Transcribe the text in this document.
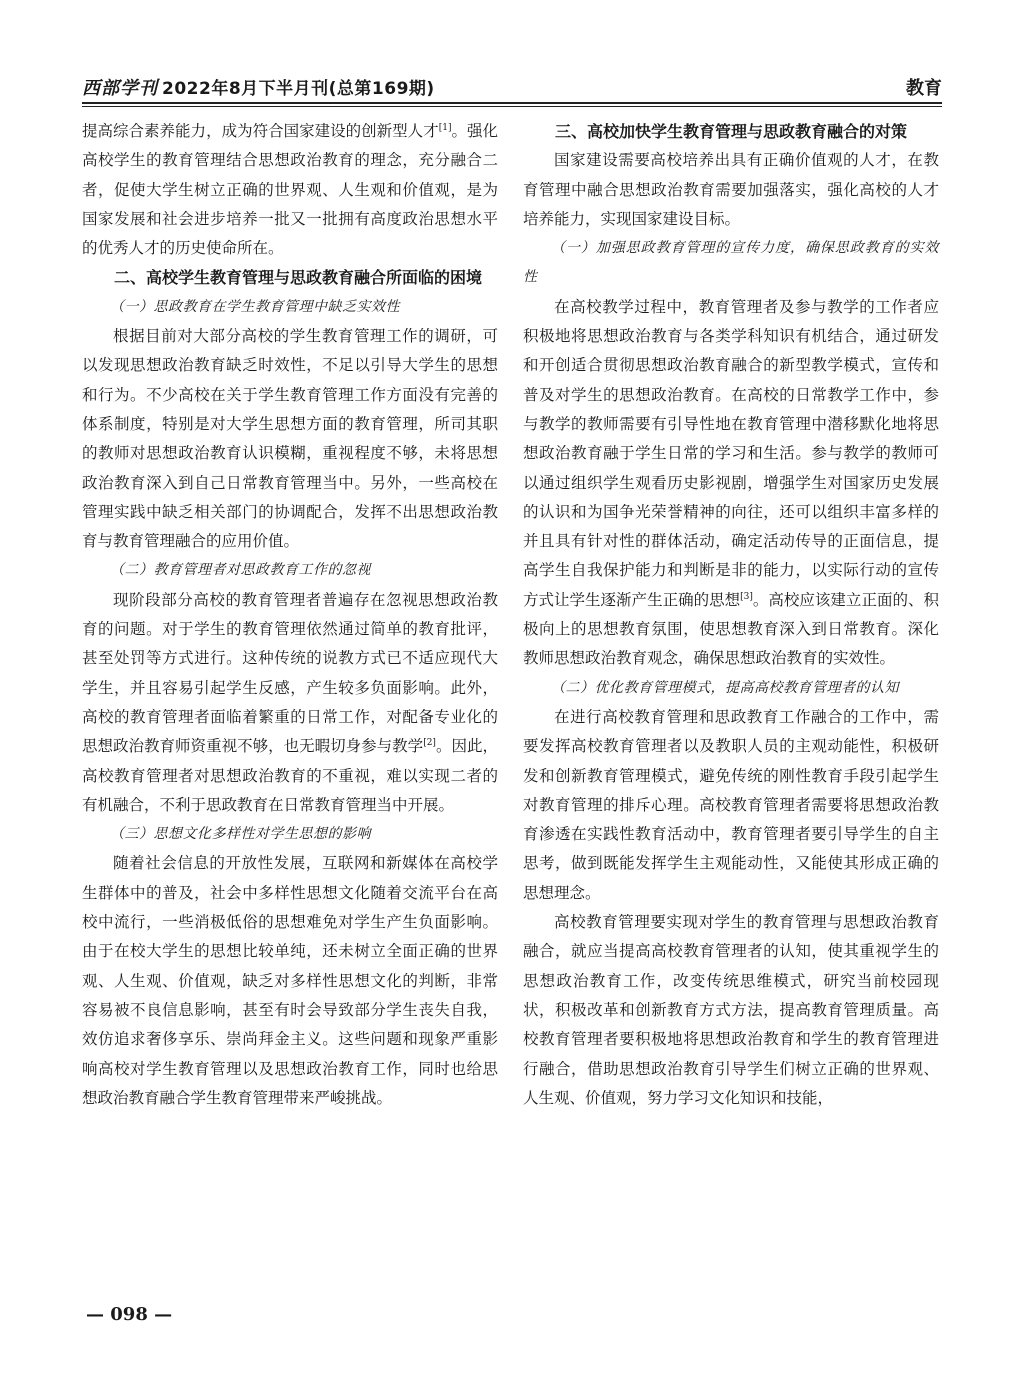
西部学刊 2022年8月下半月刊(总第169期)	教育

提高综合素养能力，成为符合国家建设的创新型人才[1]。强化高校学生的教育管理结合思想政治教育的理念，充分融合二者，促使大学生树立正确的世界观、人生观和价值观，是为国家发展和社会进步培养一批又一批拥有高度政治思想水平的优秀人才的历史使命所在。

二、高校学生教育管理与思政教育融合所面临的困境
（一）思政教育在学生教育管理中缺乏实效性

根据目前对大部分高校的学生教育管理工作的调研，可以发现思想政治教育缺乏时效性，不足以引导大学生的思想和行为。不少高校在关于学生教育管理工作方面没有完善的体系制度，特别是对大学生思想方面的教育管理，所司其职的教师对思想政治教育认识模糊，重视程度不够，未将思想政治教育深入到自己日常教育管理当中。另外，一些高校在管理实践中缺乏相关部门的协调配合，发挥不出思想政治教育与教育管理融合的应用价值。

（二）教育管理者对思政教育工作的忽视

现阶段部分高校的教育管理者普遍存在忽视思想政治教育的问题。对于学生的教育管理依然通过简单的教育批评，甚至处罚等方式进行。这种传统的说教方式已不适应现代大学生，并且容易引起学生反感，产生较多负面影响。此外，高校的教育管理者面临着繁重的日常工作，对配备专业化的思想政治教育师资重视不够，也无暇切身参与教学[2]。因此，高校教育管理者对思想政治教育的不重视，难以实现二者的有机融合，不利于思政教育在日常教育管理当中开展。

（三）思想文化多样性对学生思想的影响

随着社会信息的开放性发展，互联网和新媒体在高校学生群体中的普及，社会中多样性思想文化随着交流平台在高校中流行，一些消极低俗的思想难免对学生产生负面影响。由于在校大学生的思想比较单纯，还未树立全面正确的世界观、人生观、价值观，缺乏对多样性思想文化的判断，非常容易被不良信息影响，甚至有时会导致部分学生丧失自我，效仿追求奢侈享乐、崇尚拜金主义。这些问题和现象严重影响高校对学生教育管理以及思想政治教育工作，同时也给思想政治教育融合学生教育管理带来严峻挑战。

三、高校加快学生教育管理与思政教育融合的对策

国家建设需要高校培养出具有正确价值观的人才，在教育管理中融合思想政治教育需要加强落实，强化高校的人才培养能力，实现国家建设目标。

（一）加强思政教育管理的宣传力度，确保思政教育的实效性

在高校教学过程中，教育管理者及参与教学的工作者应积极地将思想政治教育与各类学科知识有机结合，通过研发和开创适合贯彻思想政治教育融合的新型教学模式，宣传和普及对学生的思想政治教育。在高校的日常教学工作中，参与教学的教师需要有引导性地在教育管理中潜移默化地将思想政治教育融于学生日常的学习和生活。参与教学的教师可以通过组织学生观看历史影视剧，增强学生对国家历史发展的认识和为国争光荣誉精神的向往，还可以组织丰富多样的并且具有针对性的群体活动，确定活动传导的正面信息，提高学生自我保护能力和判断是非的能力，以实际行动的宣传方式让学生逐渐产生正确的思想[3]。高校应该建立正面的、积极向上的思想教育氛围，使思想教育深入到日常教育。深化教师思想政治教育观念，确保思想政治教育的实效性。

（二）优化教育管理模式，提高高校教育管理者的认知

在进行高校教育管理和思政教育工作融合的工作中，需要发挥高校教育管理者以及教职人员的主观动能性，积极研发和创新教育管理模式，避免传统的刚性教育手段引起学生对教育管理的排斥心理。高校教育管理者需要将思想政治教育渗透在实践性教育活动中，教育管理者要引导学生的自主思考，做到既能发挥学生主观能动性，又能使其形成正确的思想理念。

高校教育管理要实现对学生的教育管理与思想政治教育融合，就应当提高高校教育管理者的认知，使其重视学生的思想政治教育工作，改变传统思维模式，研究当前校园现状，积极改革和创新教育方式方法，提高教育管理质量。高校教育管理者要积极地将思想政治教育和学生的教育管理进行融合，借助思想政治教育引导学生们树立正确的世界观、人生观、价值观，努力学习文化知识和技能，

— 098 —
